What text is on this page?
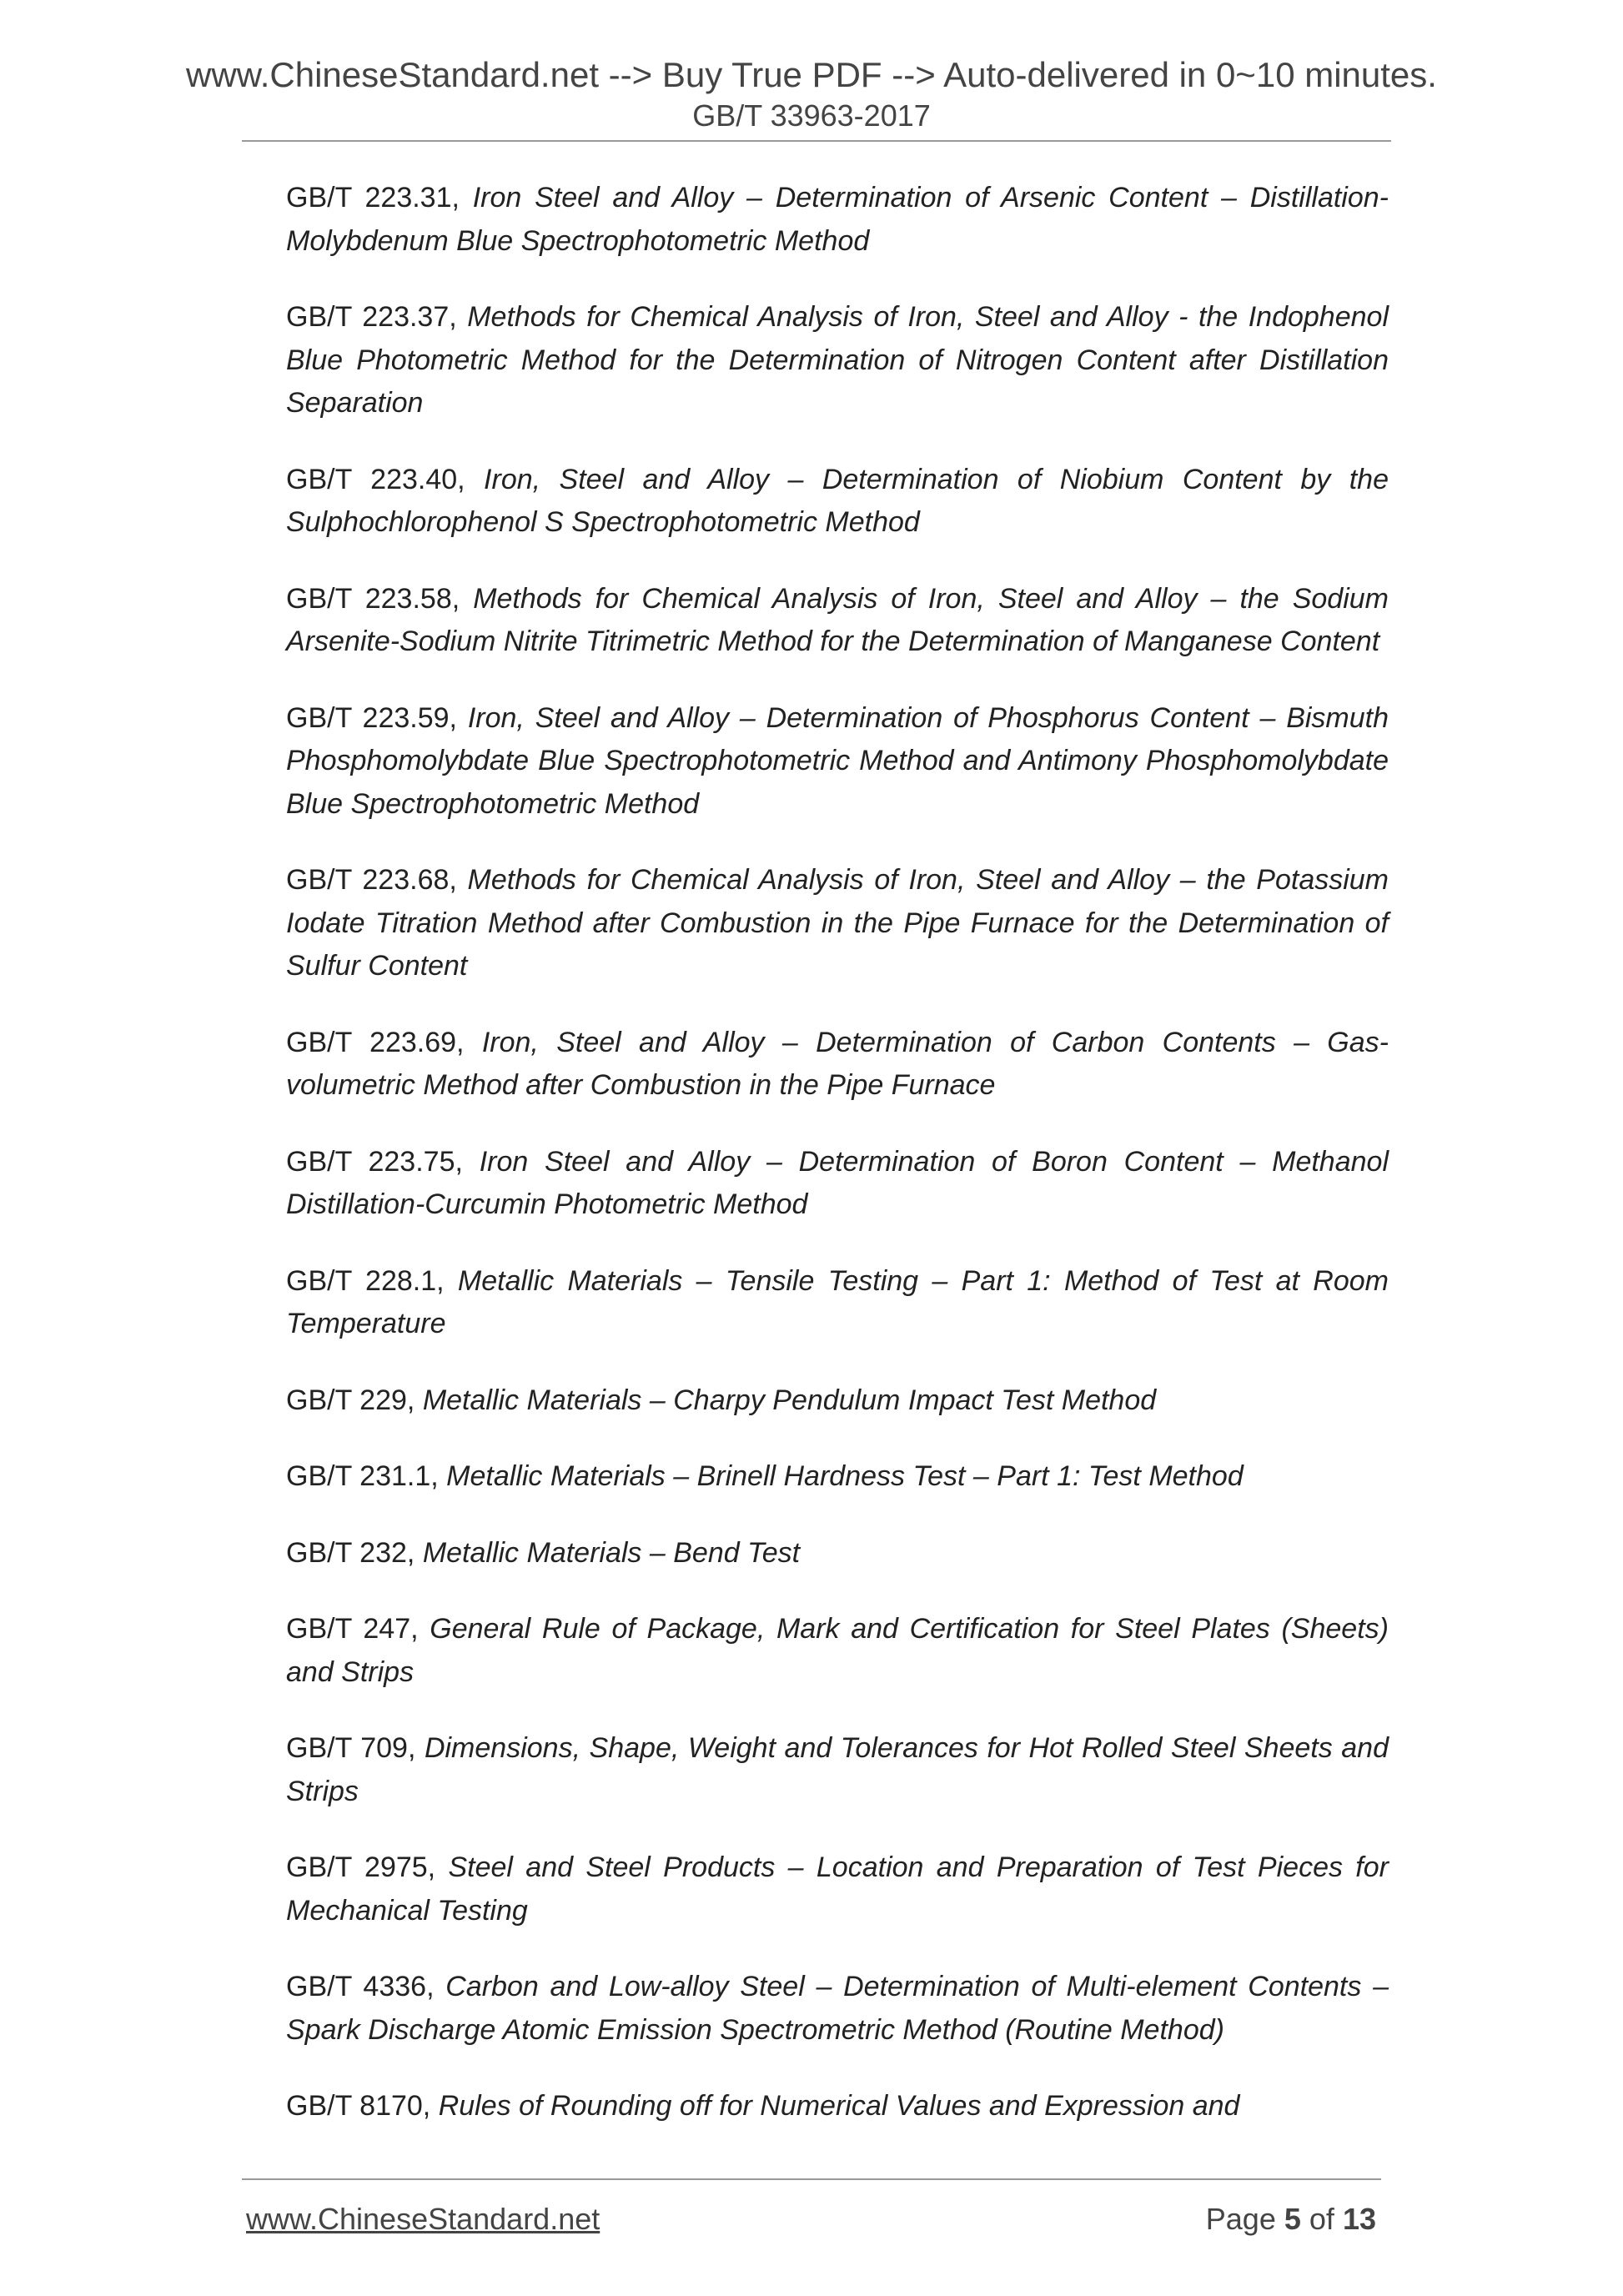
www.ChineseStandard.net --> Buy True PDF --> Auto-delivered in 0~10 minutes.
GB/T 33963-2017

GB/T 223.31, Iron Steel and Alloy – Determination of Arsenic Content – Distillation-Molybdenum Blue Spectrophotometric Method

GB/T 223.37, Methods for Chemical Analysis of Iron, Steel and Alloy - the Indophenol Blue Photometric Method for the Determination of Nitrogen Content after Distillation Separation

GB/T 223.40, Iron, Steel and Alloy – Determination of Niobium Content by the Sulphochlorophenol S Spectrophotometric Method

GB/T 223.58, Methods for Chemical Analysis of Iron, Steel and Alloy – the Sodium Arsenite-Sodium Nitrite Titrimetric Method for the Determination of Manganese Content

GB/T 223.59, Iron, Steel and Alloy – Determination of Phosphorus Content – Bismuth Phosphomolybdate Blue Spectrophotometric Method and Antimony Phosphomolybdate Blue Spectrophotometric Method

GB/T 223.68, Methods for Chemical Analysis of Iron, Steel and Alloy – the Potassium Iodate Titration Method after Combustion in the Pipe Furnace for the Determination of Sulfur Content

GB/T 223.69, Iron, Steel and Alloy – Determination of Carbon Contents – Gas-volumetric Method after Combustion in the Pipe Furnace

GB/T 223.75, Iron Steel and Alloy – Determination of Boron Content – Methanol Distillation-Curcumin Photometric Method

GB/T 228.1, Metallic Materials – Tensile Testing – Part 1: Method of Test at Room Temperature

GB/T 229, Metallic Materials – Charpy Pendulum Impact Test Method

GB/T 231.1, Metallic Materials – Brinell Hardness Test – Part 1: Test Method

GB/T 232, Metallic Materials – Bend Test

GB/T 247, General Rule of Package, Mark and Certification for Steel Plates (Sheets) and Strips

GB/T 709, Dimensions, Shape, Weight and Tolerances for Hot Rolled Steel Sheets and Strips

GB/T 2975, Steel and Steel Products – Location and Preparation of Test Pieces for Mechanical Testing

GB/T 4336, Carbon and Low-alloy Steel – Determination of Multi-element Contents – Spark Discharge Atomic Emission Spectrometric Method (Routine Method)

GB/T 8170, Rules of Rounding off for Numerical Values and Expression and

www.ChineseStandard.net	Page 5 of 13
